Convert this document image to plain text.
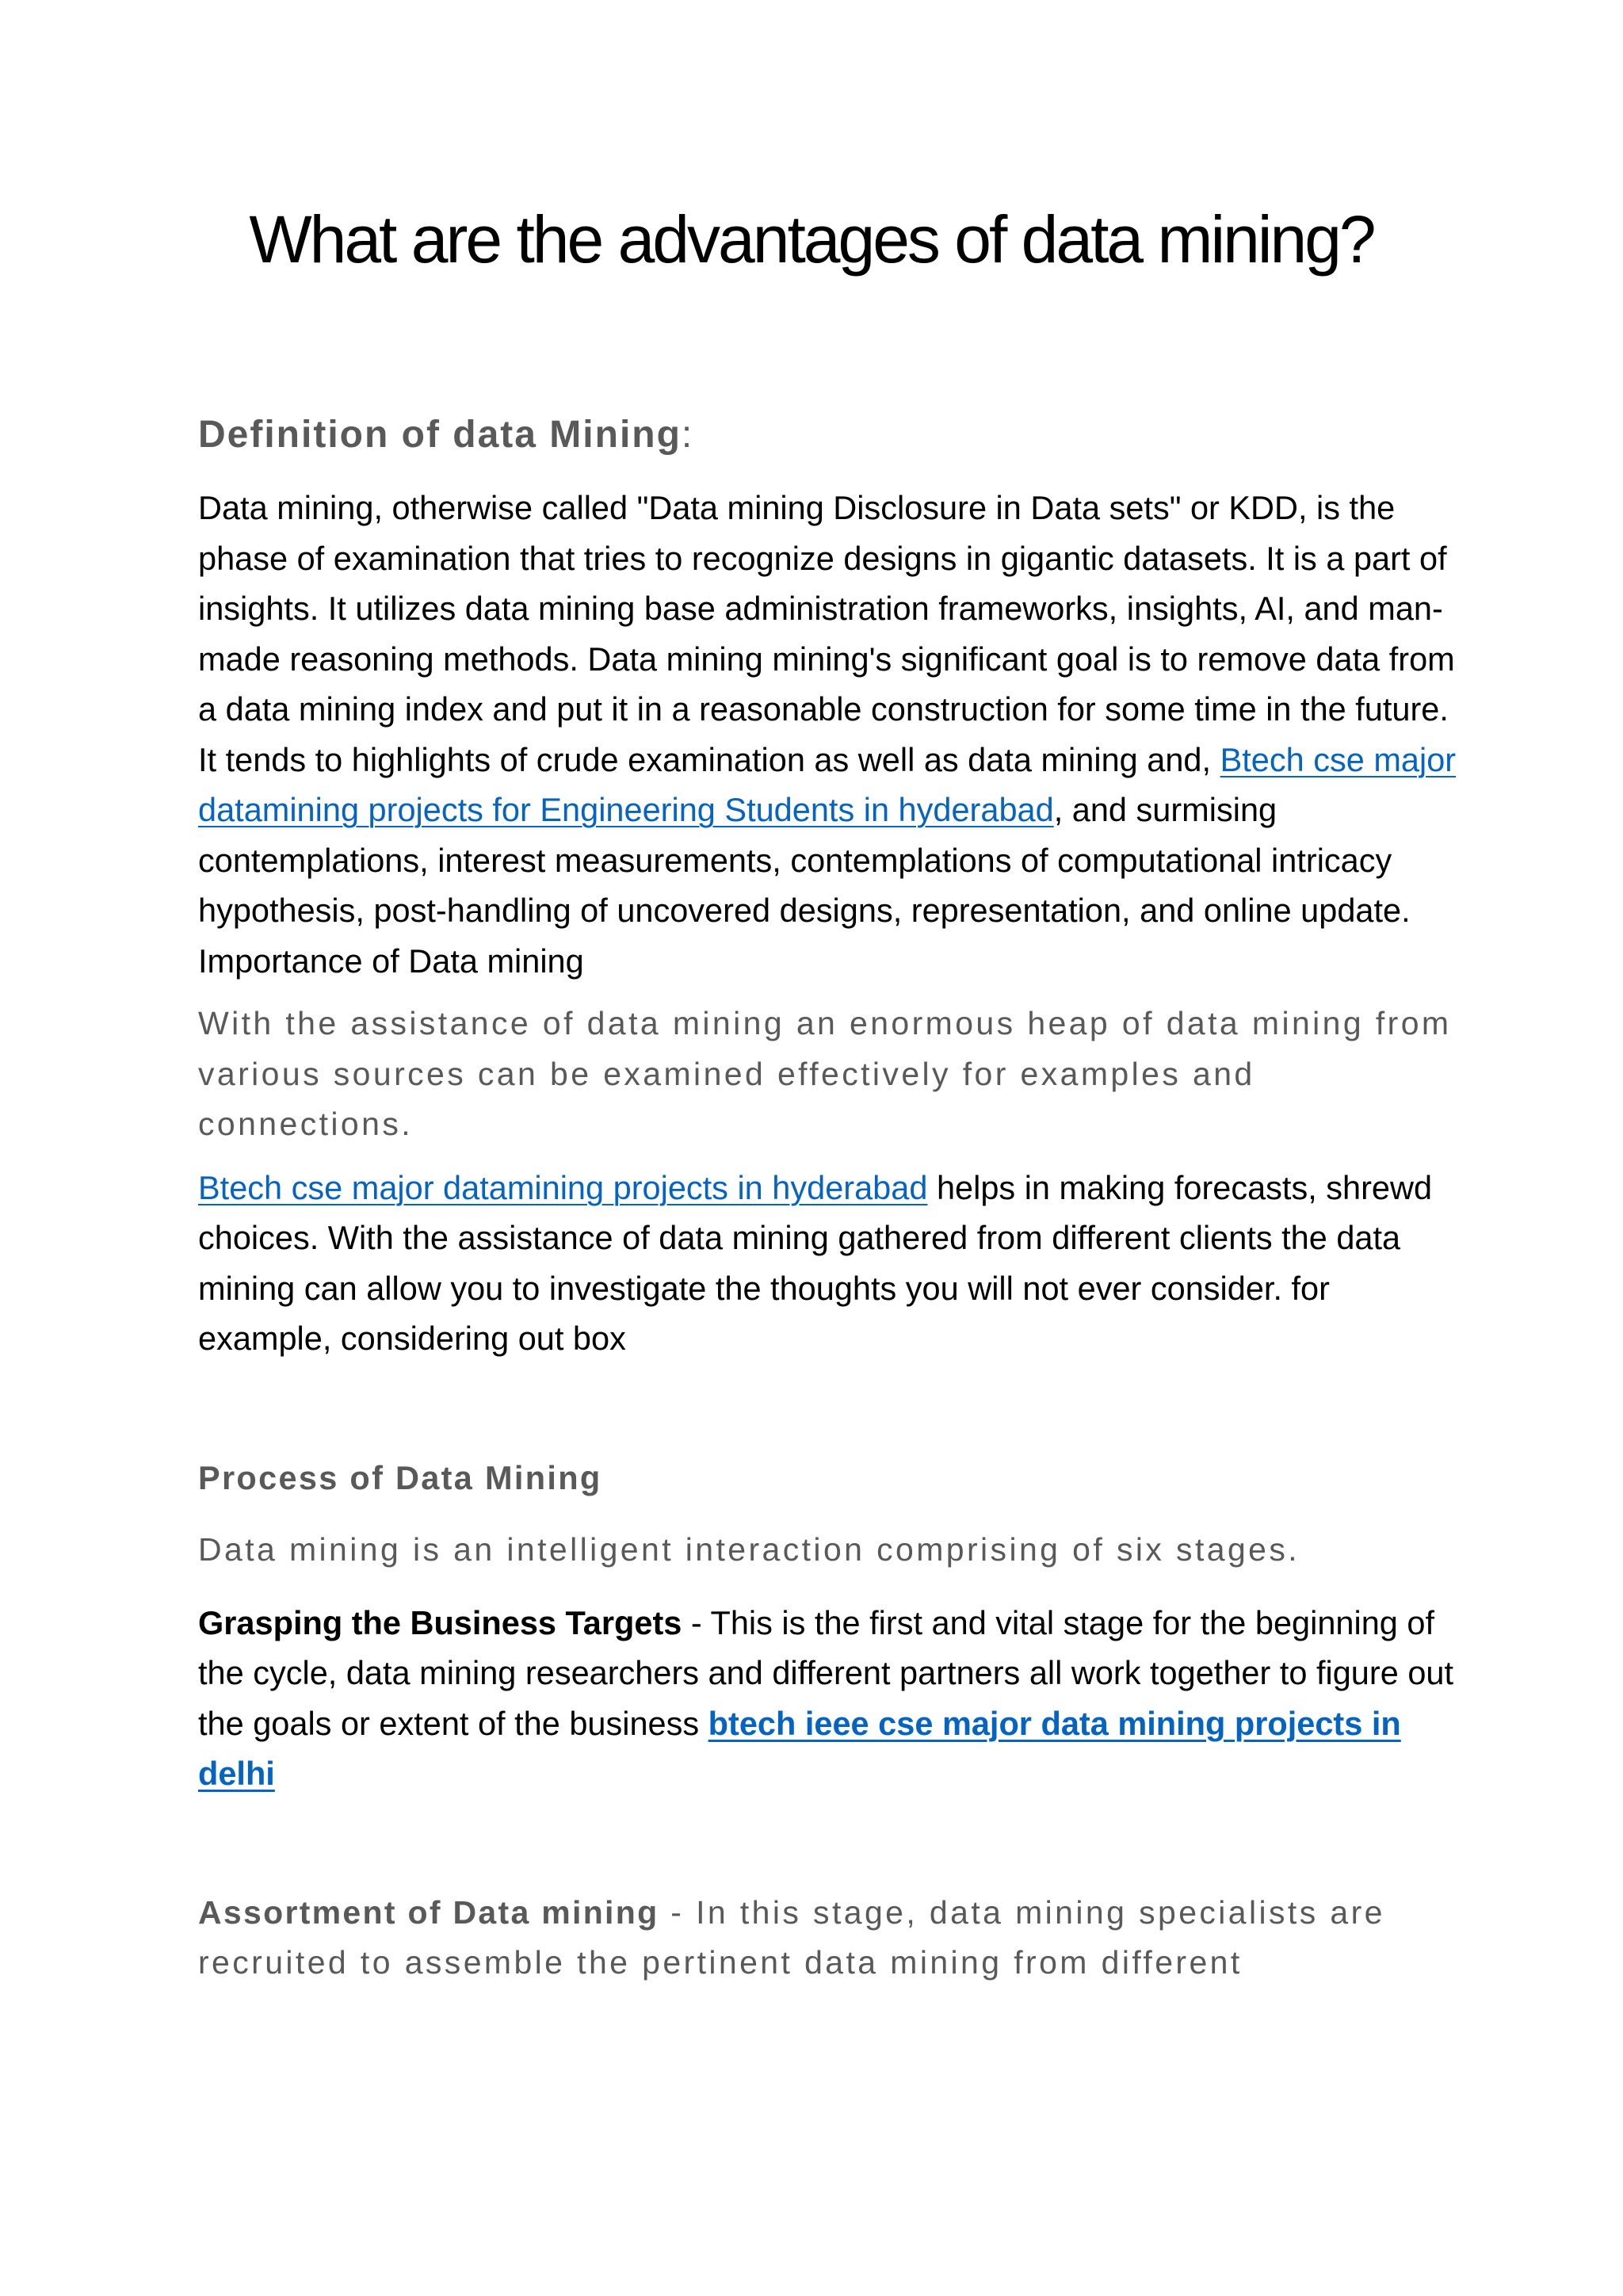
What are the advantages of data mining?
Definition of data Mining:

Data mining, otherwise called "Data mining Disclosure in Data sets" or KDD, is the phase of examination that tries to recognize designs in gigantic datasets. It is a part of insights. It utilizes data mining base administration frameworks, insights, AI, and man-made reasoning methods. Data mining mining's significant goal is to remove data from a data mining index and put it in a reasonable construction for some time in the future. It tends to highlights of crude examination as well as data mining and, Btech cse major datamining projects for Engineering Students in hyderabad, and surmising contemplations, interest measurements, contemplations of computational intricacy hypothesis, post-handling of uncovered designs, representation, and online update.
Importance of Data mining

With the assistance of data mining an enormous heap of data mining from various sources can be examined effectively for examples and connections.

Btech cse major datamining projects in hyderabad helps in making forecasts, shrewd choices. With the assistance of data mining gathered from different clients the data mining can allow you to investigate the thoughts you will not ever consider. for example, considering out box

Process of Data Mining

Data mining is an intelligent interaction comprising of six stages.

Grasping the Business Targets - This is the first and vital stage for the beginning of the cycle, data mining researchers and different partners all work together to figure out the goals or extent of the business btech ieee cse major data mining projects in delhi

Assortment of Data mining - In this stage, data mining specialists are recruited to assemble the pertinent data mining from different
